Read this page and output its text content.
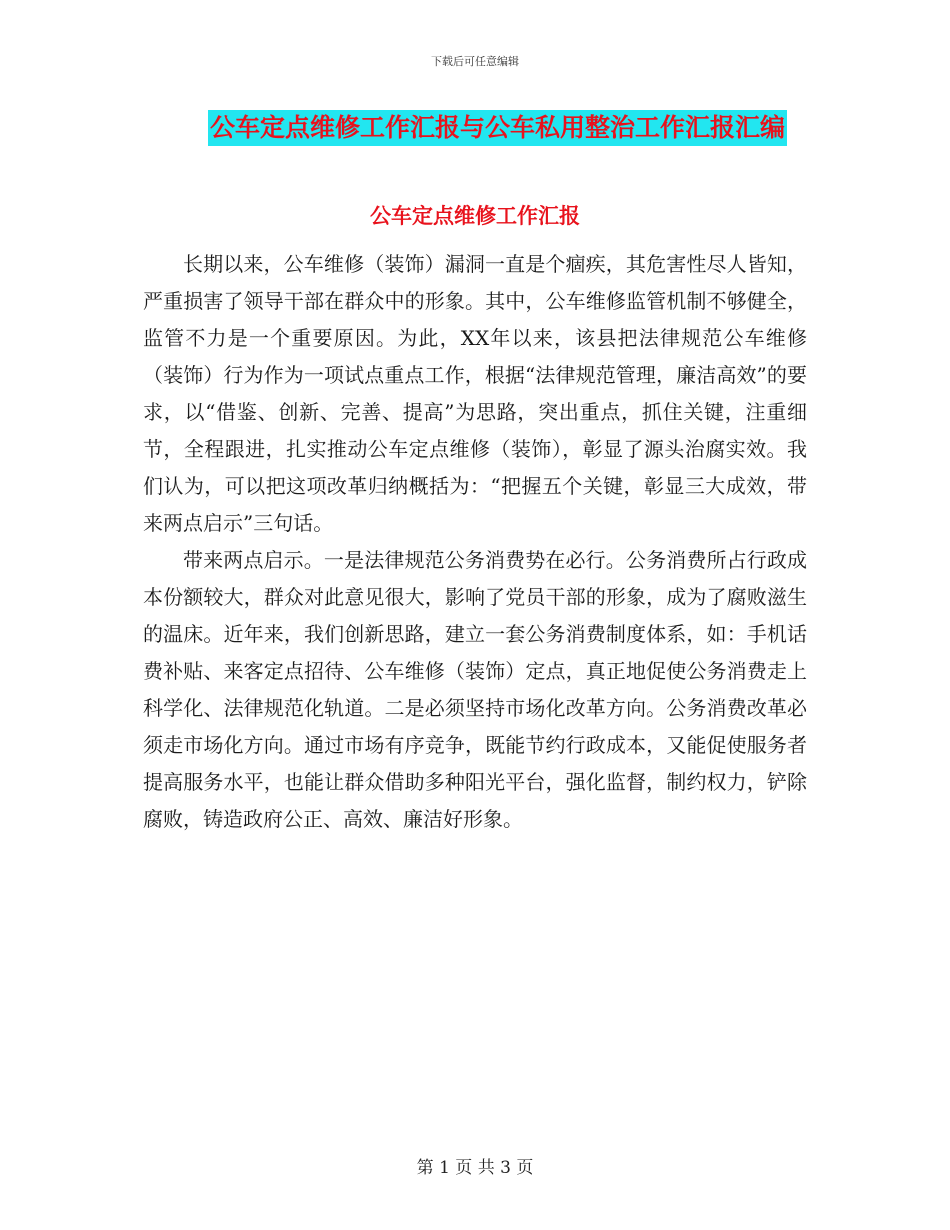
下载后可任意编辑
公车定点维修工作汇报与公车私用整治工作汇报汇编
公车定点维修工作汇报

长期以来，公车维修（装饰）漏洞一直是个痼疾，其危害性尽人皆知，严重损害了领导干部在群众中的形象。其中，公车维修监管机制不够健全，监管不力是一个重要原因。为此，XX年以来，该县把法律规范公车维修（装饰）行为作为一项试点重点工作，根据“法律规范管理，廉洁高效”的要求，以“借鉴、创新、完善、提高”为思路，突出重点，抓住关键，注重细节，全程跟进，扎实推动公车定点维修（装饰），彰显了源头治腐实效。我们认为，可以把这项改革归纳概括为：“把握五个关键，彰显三大成效，带来两点启示”三句话。

带来两点启示。一是法律规范公务消费势在必行。公务消费所占行政成本份额较大，群众对此意见很大，影响了党员干部的形象，成为了腐败滋生的温床。近年来，我们创新思路，建立一套公务消费制度体系，如：手机话费补贴、来客定点招待、公车维修（装饰）定点，真正地促使公务消费走上科学化、法律规范化轨道。二是必须坚持市场化改革方向。公务消费改革必须走市场化方向。通过市场有序竞争，既能节约行政成本，又能促使服务者提高服务水平，也能让群众借助多种阳光平台，强化监督，制约权力，铲除腐败，铸造政府公正、高效、廉洁好形象。

第 1 页 共 3 页
